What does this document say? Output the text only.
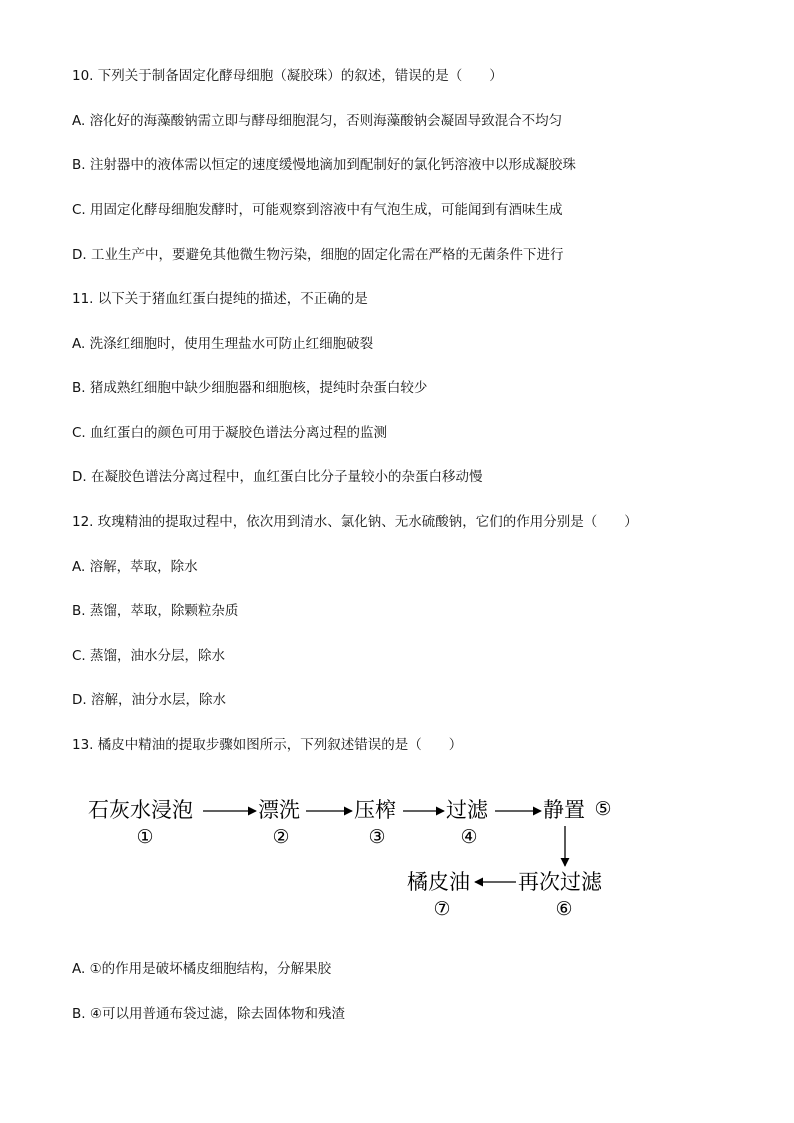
10. 下列关于制备固定化酵母细胞（凝胶珠）的叙述，错误的是（　　）
A. 溶化好的海藻酸钠需立即与酵母细胞混匀，否则海藻酸钠会凝固导致混合不均匀
B. 注射器中的液体需以恒定的速度缓慢地滴加到配制好的氯化钙溶液中以形成凝胶珠
C. 用固定化酵母细胞发酵时，可能观察到溶液中有气泡生成，可能闻到有酒味生成
D. 工业生产中，要避免其他微生物污染，细胞的固定化需在严格的无菌条件下进行
11. 以下关于猪血红蛋白提纯的描述，不正确的是
A. 洗涤红细胞时，使用生理盐水可防止红细胞破裂
B. 猪成熟红细胞中缺少细胞器和细胞核，提纯时杂蛋白较少
C. 血红蛋白的颜色可用于凝胶色谱法分离过程的监测
D. 在凝胶色谱法分离过程中，血红蛋白比分子量较小的杂蛋白移动慢
12. 玫瑰精油的提取过程中，依次用到清水、氯化钠、无水硫酸钠，它们的作用分别是（　　）
A. 溶解，萃取，除水
B. 蒸馏，萃取，除颗粒杂质
C. 蒸馏，油水分层，除水
D. 溶解，油分水层，除水
13. 橘皮中精油的提取步骤如图所示，下列叙述错误的是（　　）
石灰水浸泡
①
漂洗
②
压榨
③
过滤
④
静置 ⑤
再次过滤
⑥
橘皮油
⑦
A. ①的作用是破坏橘皮细胞结构，分解果胶
B. ④可以用普通布袋过滤，除去固体物和残渣
